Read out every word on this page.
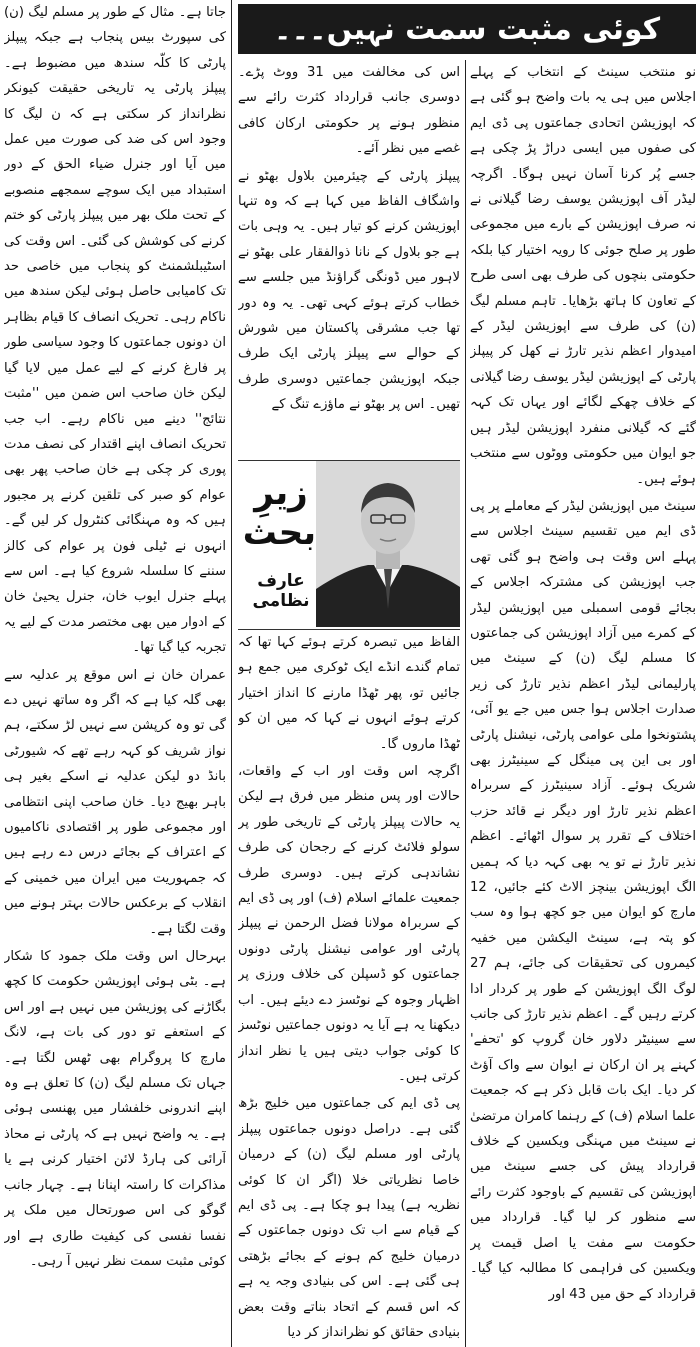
کوئی مثبت سمت نہیں۔۔۔

نو منتخب سینٹ کے انتخاب کے پہلے اجلاس میں ہی یہ بات واضح ہو گئی ہے کہ اپوزیشن اتحادی جماعتوں پی ڈی ایم کی صفوں میں ایسی دراڑ پڑ چکی ہے جسے پُر کرنا آسان نہیں ہوگا۔ اگرچہ لیڈر آف اپوزیشن یوسف رضا گیلانی نے نہ صرف اپوزیشن کے بارے میں مجموعی طور پر صلح جوئی کا رویہ اختیار کیا بلکہ حکومتی بنچوں کی طرف بھی اسی طرح کے تعاون کا ہاتھ بڑھایا۔ تاہم مسلم لیگ (ن) کی طرف سے اپوزیشن لیڈر کے امیدوار اعظم نذیر تارڑ نے کھل کر پیپلز پارٹی کے اپوزیشن لیڈر یوسف رضا گیلانی کے خلاف چھکے لگائے اور یہاں تک کہہ گئے کہ گیلانی منفرد اپوزیشن لیڈر ہیں جو ایوان میں حکومتی ووٹوں سے منتخب ہوئے ہیں۔

سینٹ میں اپوزیشن لیڈر کے معاملے پر پی ڈی ایم میں تقسیم سینٹ اجلاس سے پہلے اس وقت ہی واضح ہو گئی تھی جب اپوزیشن کی مشترکہ اجلاس کے بجائے قومی اسمبلی میں اپوزیشن لیڈر کے کمرے میں آزاد اپوزیشن کی جماعتوں کا مسلم لیگ (ن) کے سینٹ میں پارلیمانی لیڈر اعظم نذیر تارڑ کی زیر صدارت اجلاس ہوا جس میں جے یو آئی، پشتونخوا ملی عوامی پارٹی، نیشنل پارٹی اور بی این پی مینگل کے سینیٹرز بھی شریک ہوئے۔ آزاد سینیٹرز کے سربراہ اعظم نذیر تارڑ اور دیگر نے قائد حزب اختلاف کے تقرر پر سوال اٹھائے۔ اعظم نذیر تارڑ نے تو یہ بھی کہہ دیا کہ ہمیں الگ اپوزیشن بینچز الاٹ کئے جائیں، 12 مارچ کو ایوان میں جو کچھ ہوا وہ سب کو پتہ ہے، سینٹ الیکشن میں خفیہ کیمروں کی تحقیقات کی جائے، ہم 27 لوگ الگ اپوزیشن کے طور پر کردار ادا کرتے رہیں گے۔ اعظم نذیر تارڑ کی جانب سے سینیٹر دلاور خان گروپ کو 'تحفے' کہنے پر ان ارکان نے ایوان سے واک آؤٹ کر دیا۔ ایک بات قابل ذکر ہے کہ جمعیت علما اسلام (ف) کے رہنما کامران مرتضیٰ نے سینٹ میں مہنگی ویکسین کے خلاف قرارداد پیش کی جسے سینٹ میں اپوزیشن کی تقسیم کے باوجود کثرت رائے سے منظور کر لیا گیا۔ قرارداد میں حکومت سے مفت یا اصل قیمت پر ویکسین کی فراہمی کا مطالبہ کیا گیا۔ قرارداد کے حق میں 43 اور

اس کی مخالفت میں 31 ووٹ پڑے۔ دوسری جانب قرارداد کثرت رائے سے منظور ہونے پر حکومتی ارکان کافی غصے میں نظر آئے۔

پیپلز پارٹی کے چیئرمین بلاول بھٹو نے واشگاف الفاظ میں کہا ہے کہ وہ تنہا اپوزیشن کرنے کو تیار ہیں۔ یہ وہی بات ہے جو بلاول کے نانا ذوالفقار علی بھٹو نے لاہور میں ڈونگی گراؤنڈ میں جلسے سے خطاب کرتے ہوئے کہی تھی۔ یہ وہ دور تھا جب مشرقی پاکستان میں شورش کے حوالے سے پیپلز پارٹی ایک طرف جبکہ اپوزیشن جماعتیں دوسری طرف تھیں۔ اس پر بھٹو نے ماؤزے تنگ کے

زیرِ
بحث
عارف نظامی

الفاظ میں تبصرہ کرتے ہوئے کہا تھا کہ تمام گندے انڈے ایک ٹوکری میں جمع ہو جائیں تو، پھر ٹھڈا مارنے کا انداز اختیار کرتے ہوئے انہوں نے کہا کہ میں ان کو ٹھڈا ماروں گا۔

اگرچہ اس وقت اور اب کے واقعات، حالات اور پس منظر میں فرق ہے لیکن یہ حالات پیپلز پارٹی کے تاریخی طور پر سولو فلائٹ کرنے کے رجحان کی طرف نشاندہی کرتے ہیں۔ دوسری طرف جمعیت علمائے اسلام (ف) اور پی ڈی ایم کے سربراہ مولانا فضل الرحمن نے پیپلز پارٹی اور عوامی نیشنل پارٹی دونوں جماعتوں کو ڈسپلن کی خلاف ورزی پر اظہار وجوہ کے نوٹسز دے دیئے ہیں۔ اب دیکھنا یہ ہے آیا یہ دونوں جماعتیں نوٹسز کا کوئی جواب دیتی ہیں یا نظر انداز کرتی ہیں۔

پی ڈی ایم کی جماعتوں میں خلیج بڑھ گئی ہے۔ دراصل دونوں جماعتوں پیپلز پارٹی اور مسلم لیگ (ن) کے درمیان خاصا نظریاتی خلا (اگر ان کا کوئی نظریہ ہے) پیدا ہو چکا ہے۔ پی ڈی ایم کے قیام سے اب تک دونوں جماعتوں کے درمیان خلیج کم ہونے کے بجائے بڑھتی ہی گئی ہے۔ اس کی بنیادی وجہ یہ ہے کہ اس قسم کے اتحاد بناتے وقت بعض بنیادی حقائق کو نظرانداز کر دیا

جاتا ہے۔ مثال کے طور پر مسلم لیگ (ن) کی سپورٹ بیس پنجاب ہے جبکہ پیپلز پارٹی کا کلّہ سندھ میں مضبوط ہے۔ پیپلز پارٹی یہ تاریخی حقیقت کیونکر نظرانداز کر سکتی ہے کہ ن لیگ کا وجود اس کی ضد کی صورت میں عمل میں آیا اور جنرل ضیاء الحق کے دور استبداد میں ایک سوچے سمجھے منصوبے کے تحت ملک بھر میں پیپلز پارٹی کو ختم کرنے کی کوشش کی گئی۔ اس وقت کی اسٹیبلشمنٹ کو پنجاب میں خاصی حد تک کامیابی حاصل ہوئی لیکن سندھ میں ناکام رہی۔ تحریک انصاف کا قیام بظاہر ان دونوں جماعتوں کا وجود سیاسی طور پر فارغ کرنے کے لیے عمل میں لایا گیا لیکن خان صاحب اس ضمن میں ''مثبت نتائج'' دینے میں ناکام رہے۔ اب جب تحریک انصاف اپنے اقتدار کی نصف مدت پوری کر چکی ہے خان صاحب پھر بھی عوام کو صبر کی تلقین کرنے پر مجبور ہیں کہ وہ مہنگائی کنٹرول کر لیں گے۔ انہوں نے ٹیلی فون پر عوام کی کالز سننے کا سلسلہ شروع کیا ہے۔ اس سے پہلے جنرل ایوب خان، جنرل یحییٰ خان کے ادوار میں بھی مختصر مدت کے لیے یہ تجربہ کیا گیا تھا۔

عمران خان نے اس موقع پر عدلیہ سے بھی گلہ کیا ہے کہ اگر وہ ساتھ نہیں دے گی تو وہ کرپشن سے نہیں لڑ سکتے، ہم نواز شریف کو کہہ رہے تھے کہ شیورٹی بانڈ دو لیکن عدلیہ نے اسکے بغیر ہی باہر بھیج دیا۔ خان صاحب اپنی انتظامی اور مجموعی طور پر اقتصادی ناکامیوں کے اعتراف کے بجائے درس دے رہے ہیں کہ جمہوریت میں ایران میں خمینی کے انقلاب کے برعکس حالات بہتر ہونے میں وقت لگتا ہے۔

بہرحال اس وقت ملک جمود کا شکار ہے۔ بٹی ہوئی اپوزیشن حکومت کا کچھ بگاڑنے کی پوزیشن میں نہیں ہے اور اس کے استعفے تو دور کی بات ہے، لانگ مارچ کا پروگرام بھی ٹھس لگتا ہے۔ جہاں تک مسلم لیگ (ن) کا تعلق ہے وہ اپنے اندرونی خلفشار میں پھنسی ہوئی ہے۔ یہ واضح نہیں ہے کہ پارٹی نے محاذ آرائی کی ہارڈ لائن اختیار کرنی ہے یا مذاکرات کا راستہ اپنانا ہے۔ چہار جانب گوگو کی اس صورتحال میں ملک پر نفسا نفسی کی کیفیت طاری ہے اور کوئی مثبت سمت نظر نہیں آ رہی۔
